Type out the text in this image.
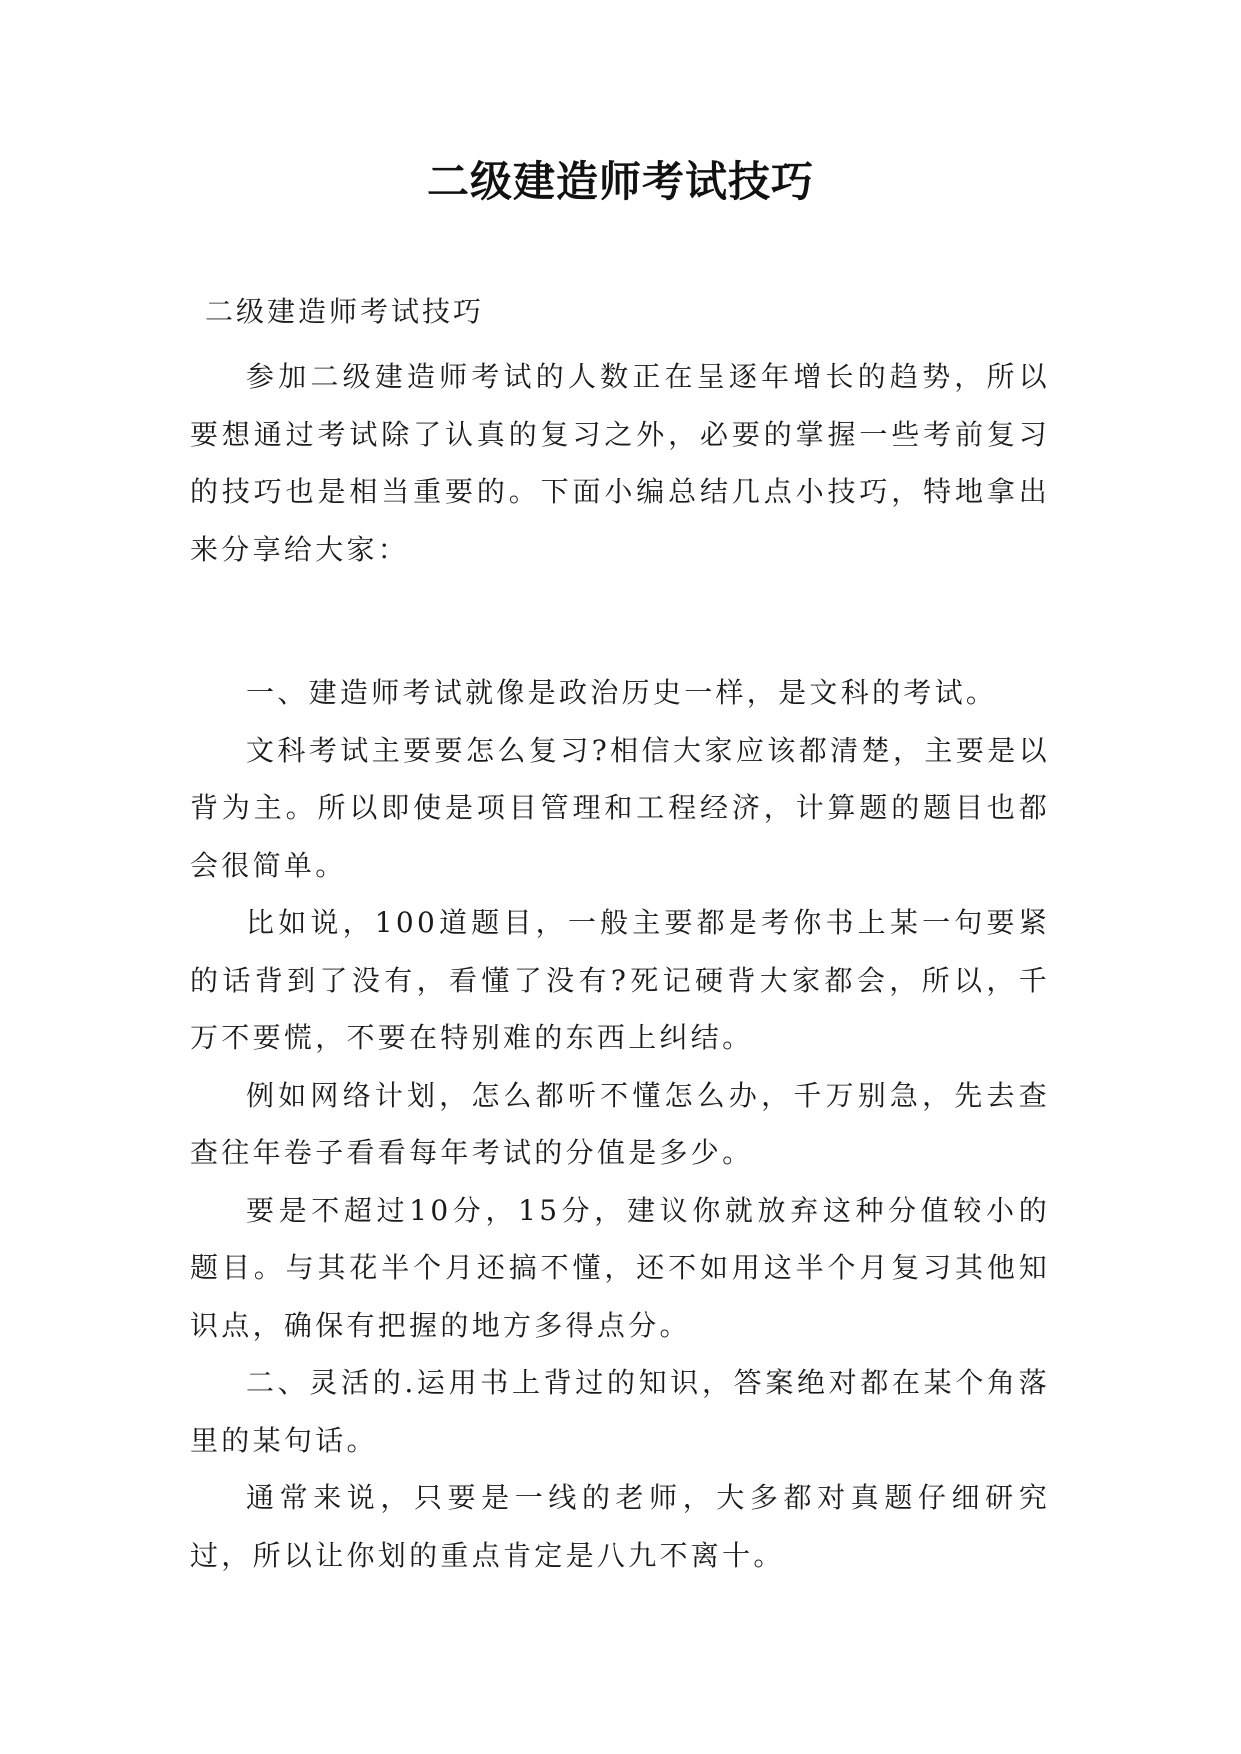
二级建造师考试技巧
二级建造师考试技巧

参加二级建造师考试的人数正在呈逐年增长的趋势，所以要想通过考试除了认真的复习之外，必要的掌握一些考前复习的技巧也是相当重要的。下面小编总结几点小技巧，特地拿出来分享给大家：

一、建造师考试就像是政治历史一样，是文科的考试。

文科考试主要要怎么复习?相信大家应该都清楚，主要是以背为主。所以即使是项目管理和工程经济，计算题的题目也都会很简单。

比如说，100道题目，一般主要都是考你书上某一句要紧的话背到了没有，看懂了没有?死记硬背大家都会，所以，千万不要慌，不要在特别难的东西上纠结。

例如网络计划，怎么都听不懂怎么办，千万别急，先去查查往年卷子看看每年考试的分值是多少。

要是不超过10分，15分，建议你就放弃这种分值较小的题目。与其花半个月还搞不懂，还不如用这半个月复习其他知识点，确保有把握的地方多得点分。

二、灵活的.运用书上背过的知识，答案绝对都在某个角落里的某句话。

通常来说，只要是一线的老师，大多都对真题仔细研究过，所以让你划的重点肯定是八九不离十。
